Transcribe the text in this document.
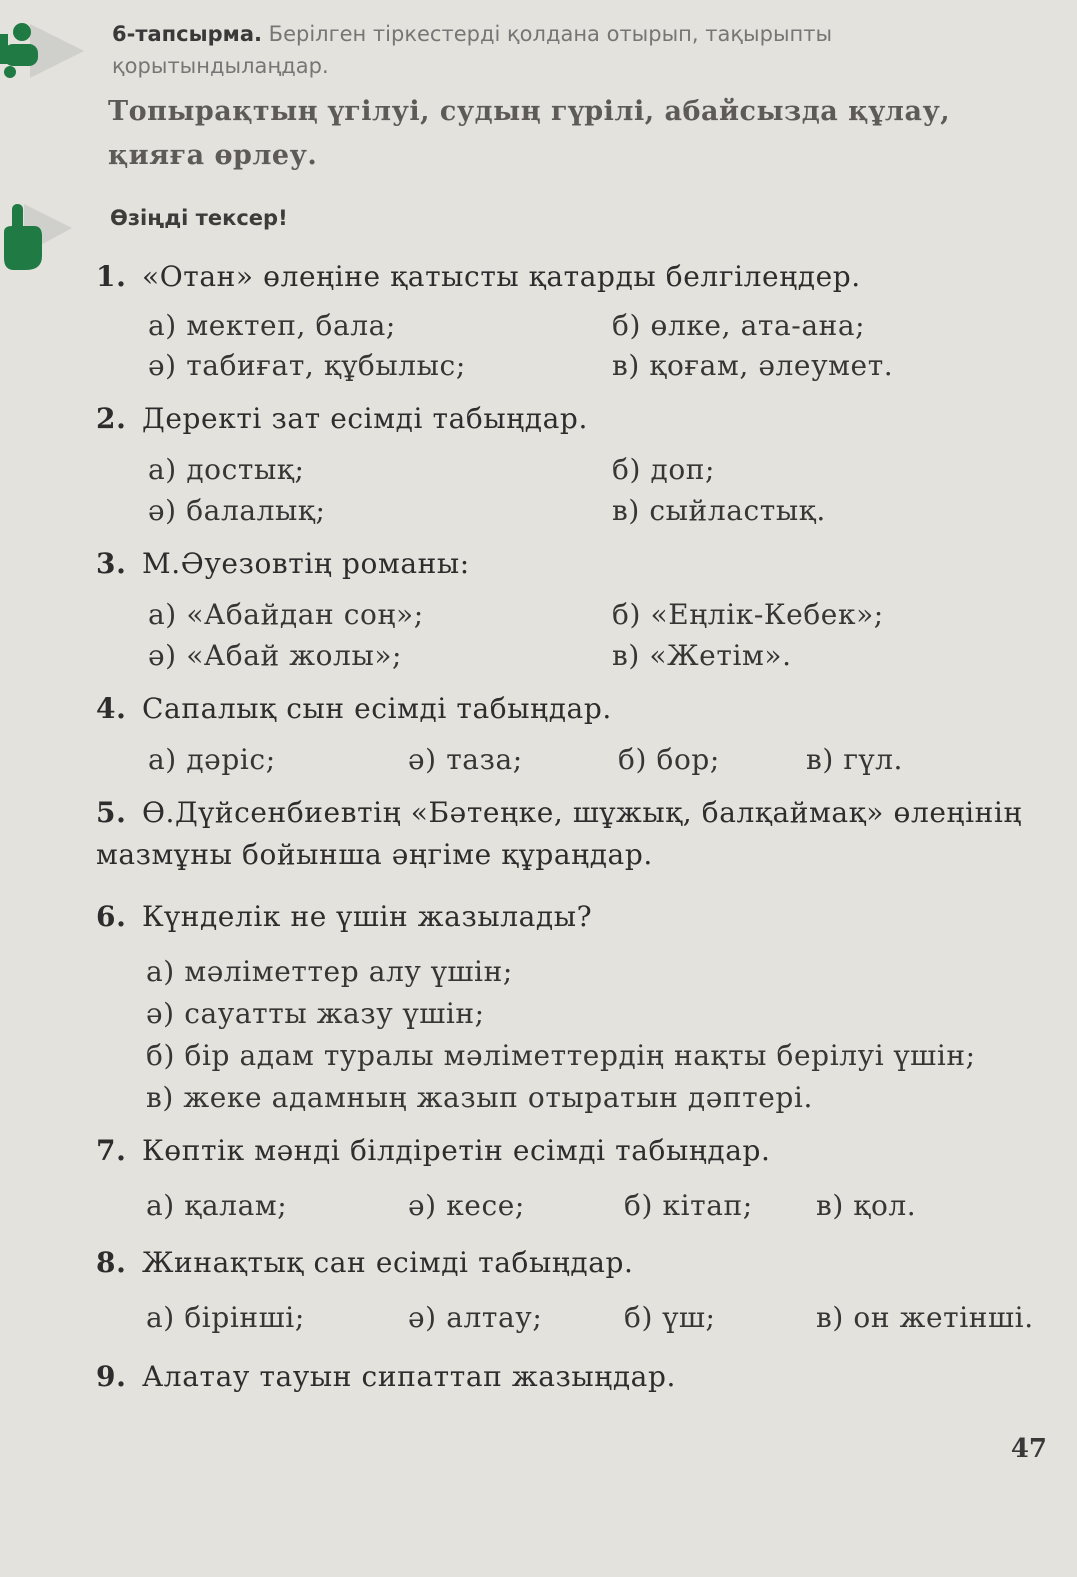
6-тапсырма. Берілген тіркестерді қолдана отырып, тақырыпты қорытындылаңдар.
Топырақтың үгілуі, судың гүрілі, абайсызда құлау, қияға өрлеу.
Өзіңді тексер!
1. «Отан» өлеңіне қатысты қатарды белгілеңдер.
а) мектеп, бала;	б) өлке, ата-ана;
ә) табиғат, құбылыс;	в) қоғам, әлеумет.
2. Деректі зат есімді табыңдар.
а) достық;	б) доп;
ә) балалық;	в) сыйластық.
3. М.Әуезовтің романы:
а) «Абайдан соң»;	б) «Еңлік-Кебек»;
ә) «Абай жолы»;	в) «Жетім».
4. Сапалық сын есімді табыңдар.
а) дәріс;	ә) таза;	б) бор;	в) гүл.
5. Ө.Дүйсенбиевтің «Бәтеңке, шұжық, балқаймақ» өлеңінің мазмұны бойынша әңгіме құраңдар.
6. Күнделік не үшін жазылады?
а) мәліметтер алу үшін;
ә) сауатты жазу үшін;
б) бір адам туралы мәліметтердің нақты берілуі үшін;
в) жеке адамның жазып отыратын дәптері.
7. Көптік мәнді білдіретін есімді табыңдар.
а) қалам;	ә) кесе;	б) кітап; в) қол.
8. Жинақтық сан есімді табыңдар.
а) бірінші;	ә) алтау;	б) үш;	в) он жетінші.
9. Алатау тауын сипаттап жазыңдар.
47
